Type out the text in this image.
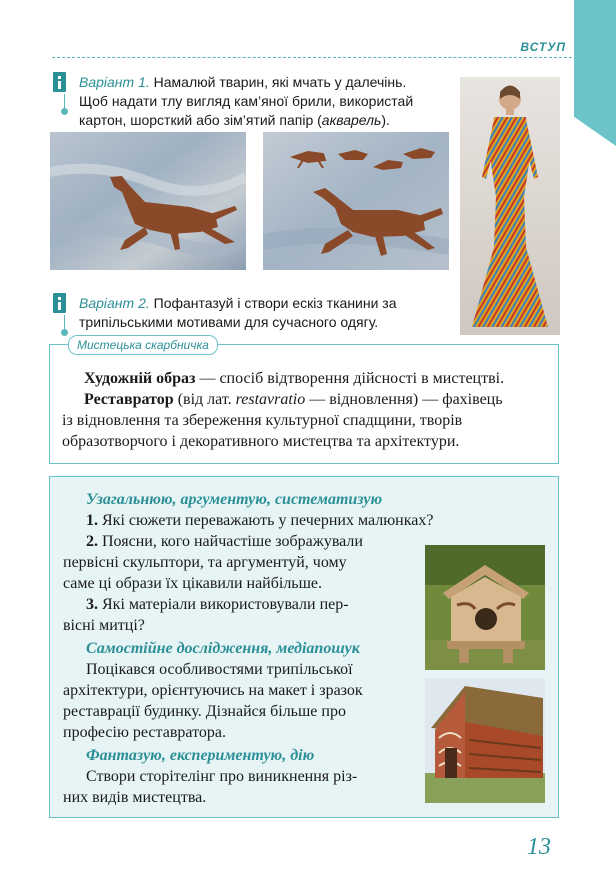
ВСТУП
Варіант 1. Намалюй тварин, які мчать у далечінь.
Щоб надати тлу вигляд кам’яної брили, використай
картон, шорсткий або зім’ятий папір (акварель).
Варіант 2. Пофантазуй і створи ескіз тканини за
трипільськими мотивами для сучасного одягу.
Мистецька скарбничка

Художній образ — спосіб відтворення дійсності в мистецтві.

Реставратор (від лат. restavratio — відновлення) — фахівець

із відновлення та збереження культурної спадщини, творів

образотворчого і декоративного мистецтва та архітектури.

Узагальнюю, аргументую, систематизую
1. Які сюжети переважають у печерних малюнках?
2. Поясни, кого найчастіше зображували
первісні скульптори, та аргументуй, чому
саме ці образи їх цікавили найбільше.
3. Які матеріали використовували пер-
вісні митці?
Самостійне дослідження, медіапошук
Поцікався особливостями трипільської
архітектури, орієнтуючись на макет і зразок
реставрації будинку. Дізнайся більше про
професію реставратора.
Фантазую, експериментую, дію
Створи сторітелінг про виникнення різ-
них видів мистецтва.
13
